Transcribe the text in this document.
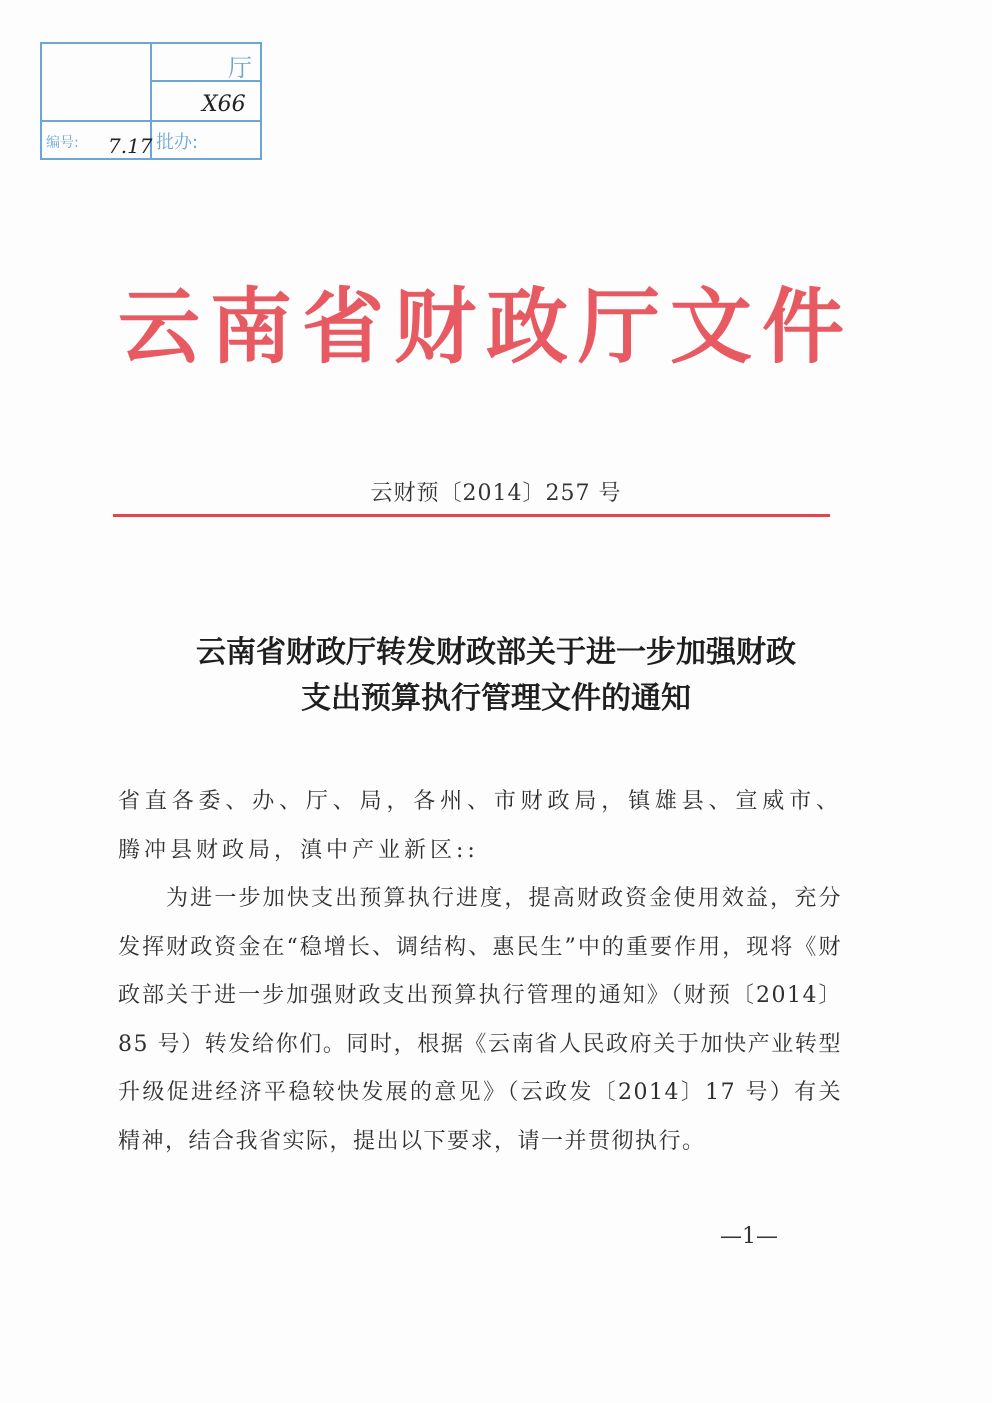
厅
X66
编号: 7.17 批办:
云南省财政厅文件
云财预〔2014〕257 号
云南省财政厅转发财政部关于进一步加强财政
支出预算执行管理文件的通知
省直各委、办、厅、局，各州、市财政局，镇雄县、宣威市、腾冲县财政局，滇中产业新区::
为进一步加快支出预算执行进度，提高财政资金使用效益，充分发挥财政资金在“稳增长、调结构、惠民生”中的重要作用，现将《财政部关于进一步加强财政支出预算执行管理的通知》（财预〔2014〕85 号）转发给你们。同时，根据《云南省人民政府关于加快产业转型升级促进经济平稳较快发展的意见》（云政发〔2014〕17 号）有关精神，结合我省实际，提出以下要求，请一并贯彻执行。
—1—
